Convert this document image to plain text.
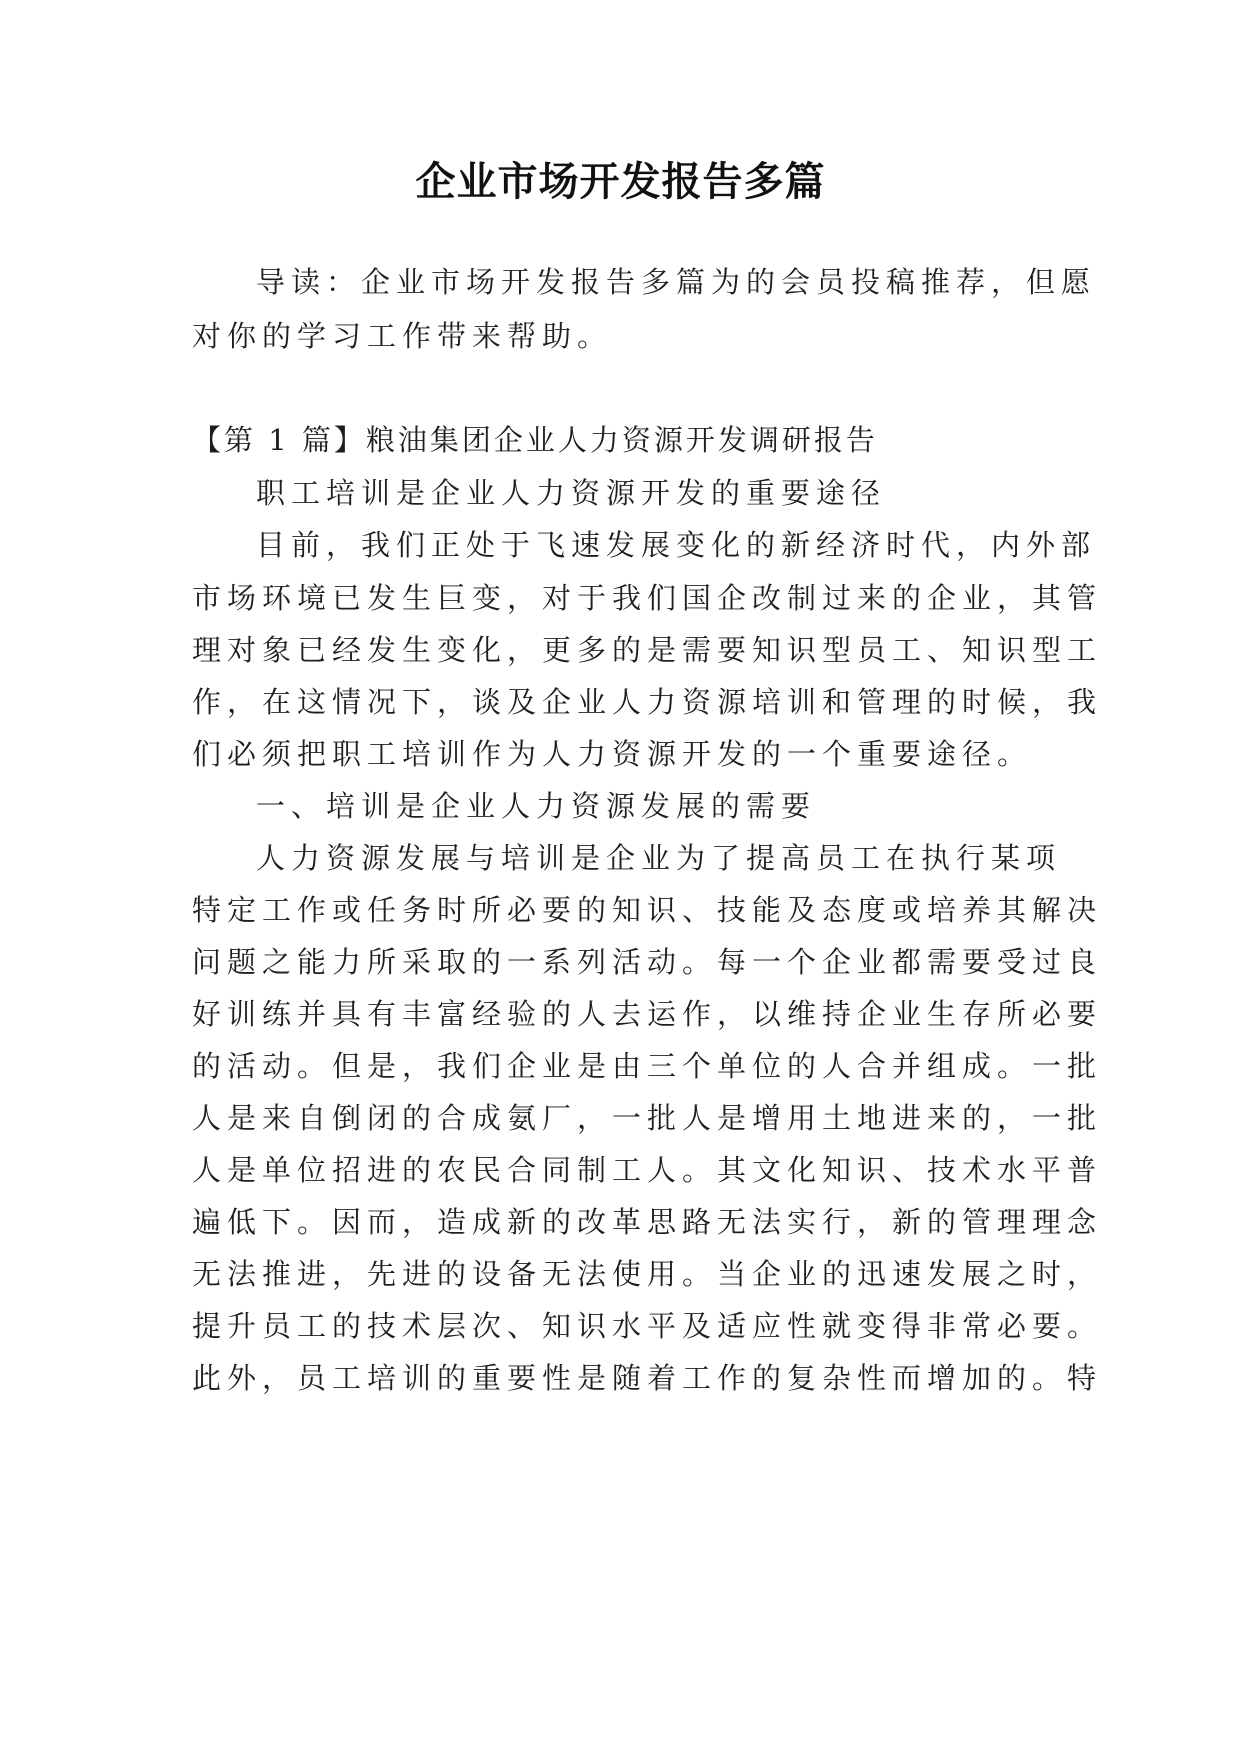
企业市场开发报告多篇
导读：企业市场开发报告多篇为的会员投稿推荐，但愿
对你的学习工作带来帮助。
【第 1 篇】粮油集团企业人力资源开发调研报告
职工培训是企业人力资源开发的重要途径
目前，我们正处于飞速发展变化的新经济时代，内外部
市场环境已发生巨变，对于我们国企改制过来的企业，其管
理对象已经发生变化，更多的是需要知识型员工、知识型工
作，在这情况下，谈及企业人力资源培训和管理的时候，我
们必须把职工培训作为人力资源开发的一个重要途径。
一、培训是企业人力资源发展的需要
人力资源发展与培训是企业为了提高员工在执行某项
特定工作或任务时所必要的知识、技能及态度或培养其解决
问题之能力所采取的一系列活动。每一个企业都需要受过良
好训练并具有丰富经验的人去运作，以维持企业生存所必要
的活动。但是，我们企业是由三个单位的人合并组成。一批
人是来自倒闭的合成氨厂，一批人是增用土地进来的，一批
人是单位招进的农民合同制工人。其文化知识、技术水平普
遍低下。因而，造成新的改革思路无法实行，新的管理理念
无法推进，先进的设备无法使用。当企业的迅速发展之时，
提升员工的技术层次、知识水平及适应性就变得非常必要。
此外，员工培训的重要性是随着工作的复杂性而增加的。特
